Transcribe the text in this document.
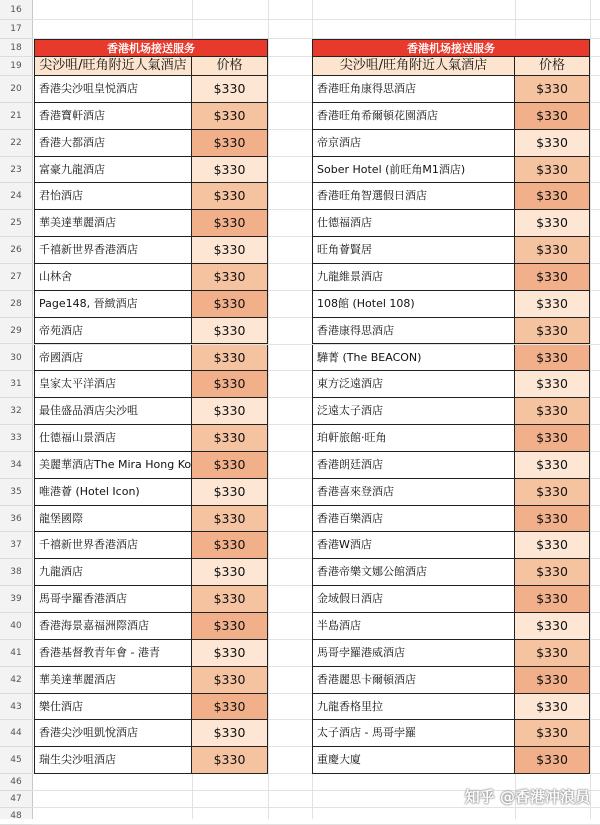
16
17
18
19
20
21
22
23
24
25
26
27
28
29
30
31
32
33
34
35
36
37
38
39
40
41
42
43
44
45
46
47
48
香港机场接送服务
尖沙咀/旺角附近人氣酒店	价格
香港尖沙咀皇悦酒店	$330
香港寶軒酒店	$330
香港大都酒店	$330
富豪九龍酒店	$330
君怡酒店	$330
華美達華麗酒店	$330
千禧新世界香港酒店	$330
山林舍	$330
Page148, 晉緻酒店	$330
帝苑酒店	$330
帝國酒店	$330
皇家太平洋酒店	$330
最佳盛品酒店尖沙咀	$330
仕德福山景酒店	$330
美麗華酒店The Mira Hong Ko	$330
唯港薈 (Hotel Icon)	$330
龍堡國際	$330
千禧新世界香港酒店	$330
九龍酒店	$330
馬哥孛羅香港酒店	$330
香港海景嘉福洲際酒店	$330
香港基督教青年會 - 港青	$330
華美達華麗酒店	$330
樂仕酒店	$330
香港尖沙咀凱悅酒店	$330
瑞生尖沙咀酒店	$330
香港机场接送服务
尖沙咀/旺角附近人氣酒店	价格
香港旺角康得思酒店	$330
香港旺角希爾頓花園酒店	$330
帝京酒店	$330
Sober Hotel (前旺角M1酒店)	$330
香港旺角智選假日酒店	$330
仕德福酒店	$330
旺角薈賢居	$330
九龍維景酒店	$330
108館 (Hotel 108)	$330
香港康得思酒店	$330
驊菁 (The BEACON)	$330
東方泛遠酒店	$330
泛遠太子酒店	$330
珀軒旅館·旺角	$330
香港朗廷酒店	$330
香港喜來登酒店	$330
香港百樂酒店	$330
香港W酒店	$330
香港帝樂文娜公館酒店	$330
金域假日酒店	$330
半島酒店	$330
馬哥孛羅港威酒店	$330
香港麗思卡爾頓酒店	$330
九龍香格里拉	$330
太子酒店 - 馬哥孛羅	$330
重慶大廈	$330
知乎 @香港冲浪员
